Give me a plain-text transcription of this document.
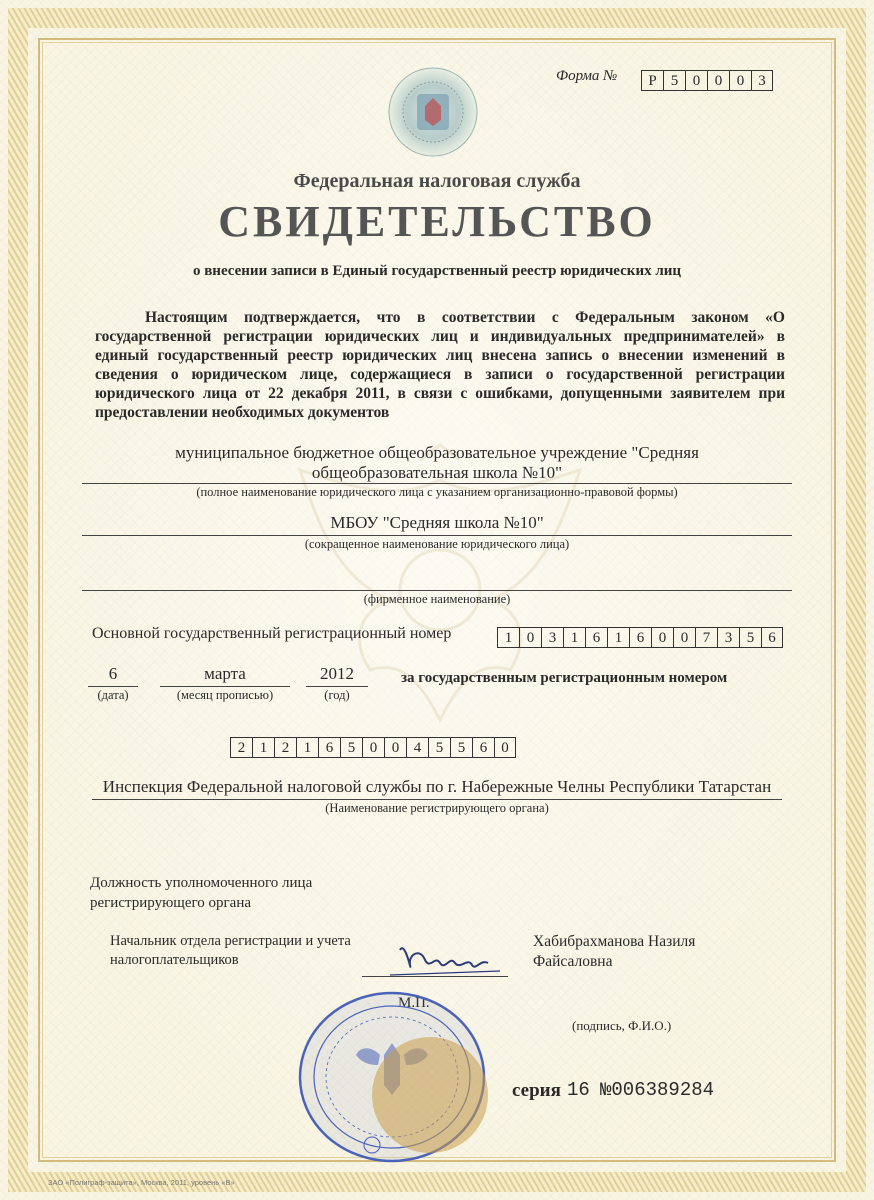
Форма №	Р 5 0 0 0 3
Федеральная налоговая служба
СВИДЕТЕЛЬСТВО
о внесении записи в Единый государственный реестр юридических лиц
Настоящим подтверждается, что в соответствии с Федеральным законом «О государственной регистрации юридических лиц и индивидуальных предпринимателей» в единый государственный реестр юридических лиц внесена запись о внесении изменений в сведения о юридическом лице, содержащиеся в записи о государственной регистрации юридического лица от 22 декабря 2011, в связи с ошибками, допущенными заявителем при предоставлении необходимых документов
муниципальное бюджетное общеобразовательное учреждение "Средняя
общеобразовательная школа №10"
(полное наименование юридического лица с указанием организационно-правовой формы)
МБОУ "Средняя школа №10"
(сокращенное наименование юридического лица)
(фирменное наименование)
Основной государственный регистрационный номер	1 0 3 1 6 1 6 0 0 7 3 5 6
6
(дата)
марта
(месяц прописью)
2012
(год)
за государственным регистрационным номером
2 1 2 1 6 5 0 0 4 5 5 6 0
Инспекция Федеральной налоговой службы по г. Набережные Челны Республики Татарстан
(Наименование регистрирующего органа)
Должность уполномоченного лица регистрирующего органа
Начальник отдела регистрации и учета налогоплательщиков
Хабибрахманова Назиля Файсаловна
(подпись, Ф.И.О.)
серия 16 №006389284
ЗАО «Полиграф-защита», Москва, 2011, уровень «В»
